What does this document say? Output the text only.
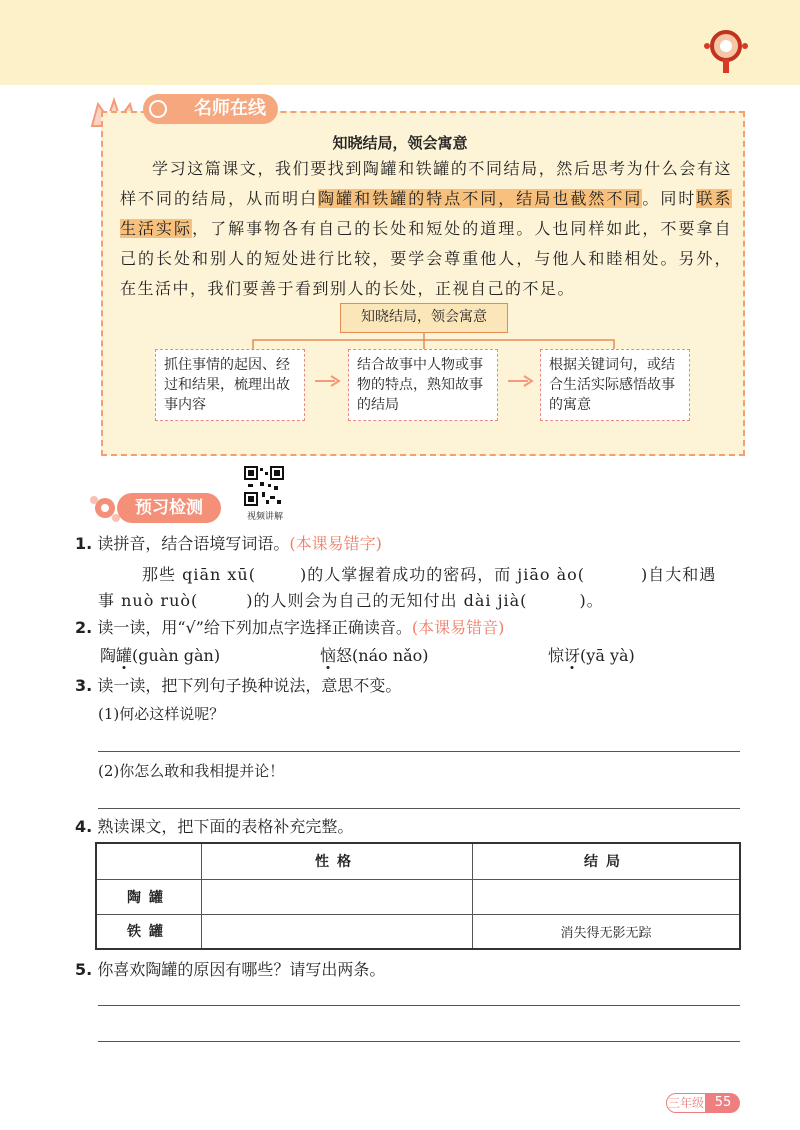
名师在线
知晓结局，领会寓意
学习这篇课文，我们要找到陶罐和铁罐的不同结局，然后思考为什么会有这样不同的结局，从而明白陶罐和铁罐的特点不同，结局也截然不同。同时联系生活实际，了解事物各有自己的长处和短处的道理。人也同样如此，不要拿自己的长处和别人的短处进行比较，要学会尊重他人，与他人和睦相处。另外，在生活中，我们要善于看到别人的长处，正视自己的不足。
知晓结局，领会寓意
抓住事情的起因、经过和结果，梳理出故事内容
结合故事中人物或事物的特点，熟知故事的结局
根据关键词句，或结合生活实际感悟故事的寓意
预习检测	视频讲解
1. 读拼音，结合语境写词语。(本课易错字)
那些 qiān xū(	)的人掌握着成功的密码，而 jiāo ào(	)自大和遇
事 nuò ruò(	)的人则会为自己的无知付出 dài jià(	)。
2. 读一读，用“√”给下列加点字选择正确读音。(本课易错音)
陶罐(guàn gàn)	恼怒(náo nǎo)	惊讶(yā yà)
3. 读一读，把下列句子换种说法，意思不变。
(1)何必这样说呢？
(2)你怎么敢和我相提并论！
4. 熟读课文，把下面的表格补充完整。
	性格	结局
陶罐		
铁罐		消失得无影无踪
5. 你喜欢陶罐的原因有哪些？请写出两条。
三年级 55
